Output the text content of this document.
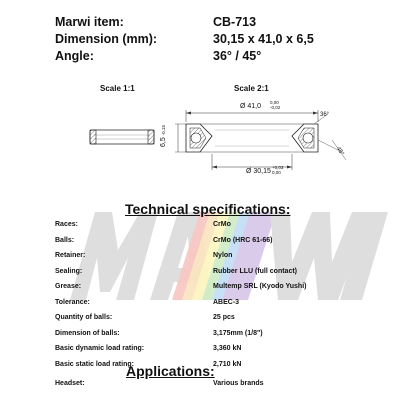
Marwi item:	CB-713
Dimension (mm):	30,15 x 41,0 x 6,5
Angle:	36° / 45°
Scale 1:1	Scale 2:1
Ø 41,0
0,00
-0,02
Ø 30,15
+0,03
0,00
6,5 -0,15
36°
45°
Technical specifications:
Races:	CrMo
Balls:	CrMo (HRC 61-66)
Retainer:	Nylon
Sealing:	Rubber LLU (full contact)
Grease:	Multemp SRL (Kyodo Yushi)
Tolerance:	ABEC-3
Quantity of balls:	25 pcs
Dimension of balls:	3,175mm (1/8")
Basic dynamic load rating:	3,360 kN
Basic static load rating:	2,710 kN
Applications:
Headset:	Various brands
